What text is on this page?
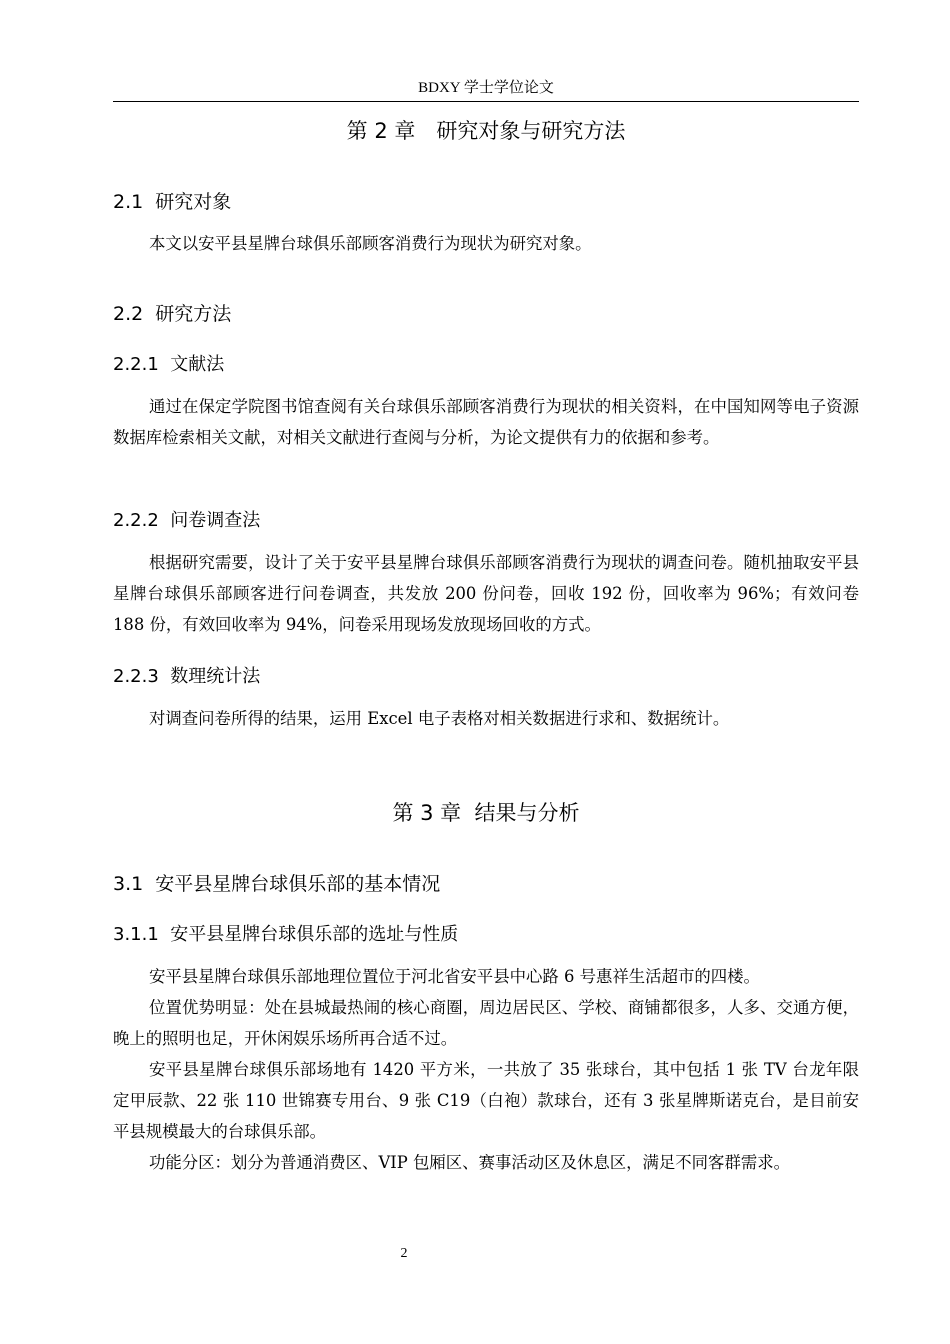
BDXY 学士学位论文
第 2 章　研究对象与研究方法
2.1  研究对象
本文以安平县星牌台球俱乐部顾客消费行为现状为研究对象。
2.2  研究方法
2.2.1  文献法
通过在保定学院图书馆查阅有关台球俱乐部顾客消费行为现状的相关资料，在中国知网等电子资源数据库检索相关文献，对相关文献进行查阅与分析，为论文提供有力的依据和参考。
2.2.2  问卷调查法
根据研究需要，设计了关于安平县星牌台球俱乐部顾客消费行为现状的调查问卷。随机抽取安平县星牌台球俱乐部顾客进行问卷调查，共发放 200 份问卷，回收 192 份，回收率为 96%；有效问卷 188 份，有效回收率为 94%，问卷采用现场发放现场回收的方式。
2.2.3  数理统计法
对调查问卷所得的结果，运用 Excel 电子表格对相关数据进行求和、数据统计。
第 3 章  结果与分析
3.1  安平县星牌台球俱乐部的基本情况
3.1.1  安平县星牌台球俱乐部的选址与性质
安平县星牌台球俱乐部地理位置位于河北省安平县中心路 6 号惠祥生活超市的四楼。
位置优势明显：处在县城最热闹的核心商圈，周边居民区、学校、商铺都很多，人多、交通方便，晚上的照明也足，开休闲娱乐场所再合适不过。
安平县星牌台球俱乐部场地有 1420 平方米，一共放了 35 张球台，其中包括 1 张 TV 台龙年限定甲辰款、22 张 110 世锦赛专用台、9 张 C19（白袍）款球台，还有 3 张星牌斯诺克台，是目前安平县规模最大的台球俱乐部。
功能分区：划分为普通消费区、VIP 包厢区、赛事活动区及休息区，满足不同客群需求。
2
